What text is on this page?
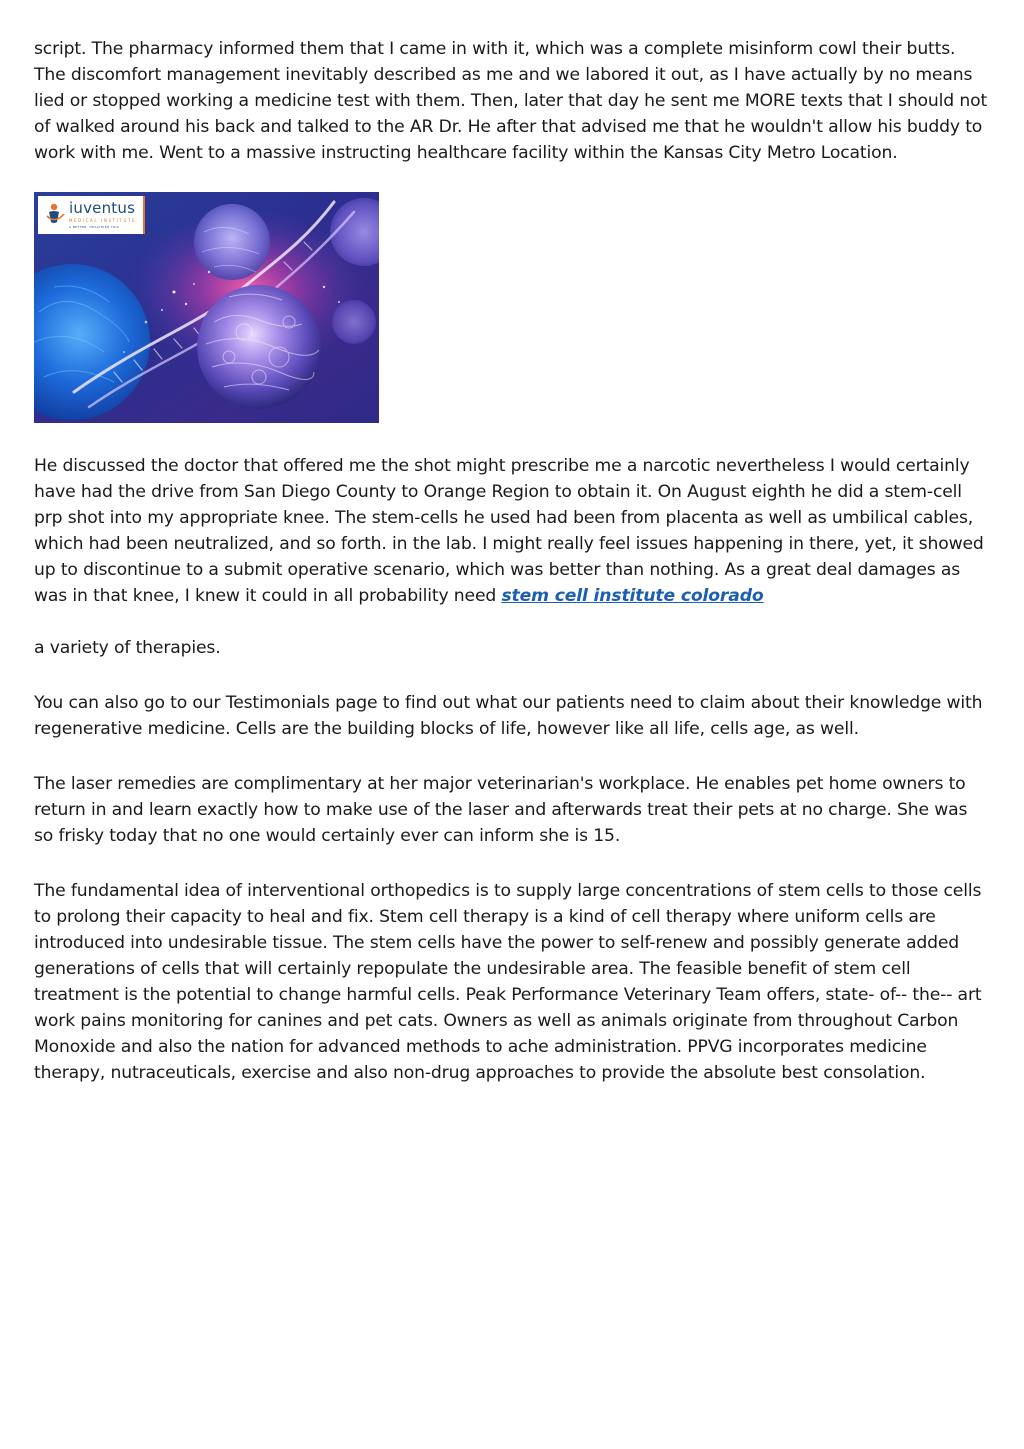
script. The pharmacy informed them that I came in with it, which was a complete misinform cowl their butts. The discomfort management inevitably described as me and we labored it out, as I have actually by no means lied or stopped working a medicine test with them. Then, later that day he sent me MORE texts that I should not of walked around his back and talked to the AR Dr. He after that advised me that he wouldn't allow his buddy to work with me. Went to a massive instructing healthcare facility within the Kansas City Metro Location.

iuventus
MEDICAL INSTITUTE
A BETTER, HEALTHIER YOU!

He discussed the doctor that offered me the shot might prescribe me a narcotic nevertheless I would certainly have had the drive from San Diego County to Orange Region to obtain it. On August eighth he did a stem-cell prp shot into my appropriate knee. The stem-cells he used had been from placenta as well as umbilical cables, which had been neutralized, and so forth. in the lab. I might really feel issues happening in there, yet, it showed up to discontinue to a submit operative scenario, which was better than nothing. As a great deal damages as was in that knee, I knew it could in all probability need stem cell institute colorado

a variety of therapies.

You can also go to our Testimonials page to find out what our patients need to claim about their knowledge with regenerative medicine. Cells are the building blocks of life, however like all life, cells age, as well.

The laser remedies are complimentary at her major veterinarian's workplace. He enables pet home owners to return in and learn exactly how to make use of the laser and afterwards treat their pets at no charge. She was so frisky today that no one would certainly ever can inform she is 15.

The fundamental idea of interventional orthopedics is to supply large concentrations of stem cells to those cells to prolong their capacity to heal and fix. Stem cell therapy is a kind of cell therapy where uniform cells are introduced into undesirable tissue. The stem cells have the power to self-renew and possibly generate added generations of cells that will certainly repopulate the undesirable area. The feasible benefit of stem cell treatment is the potential to change harmful cells. Peak Performance Veterinary Team offers, state- of-- the-- art work pains monitoring for canines and pet cats. Owners as well as animals originate from throughout Carbon Monoxide and also the nation for advanced methods to ache administration. PPVG incorporates medicine therapy, nutraceuticals, exercise and also non-drug approaches to provide the absolute best consolation.
